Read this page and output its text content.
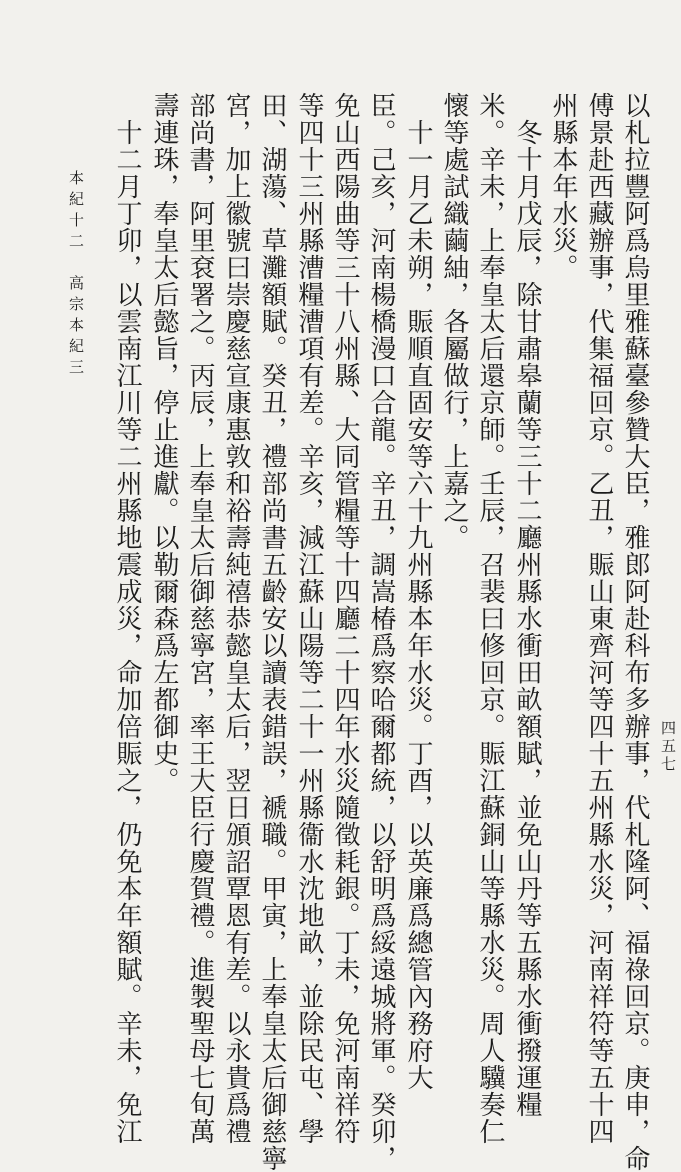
以札拉豐阿爲烏里雅蘇臺參贊大臣，雅郎阿赴科布多辦事，代札隆阿、福祿回京。庚申，命
傅景赴西藏辦事，代集福回京。乙丑，賑山東齊河等四十五州縣水災，河南祥符等五十四
州縣本年水災。
　冬十月戊辰，除甘肅皋蘭等三十二廳州縣水衝田畝額賦，並免山丹等五縣水衝撥運糧
米。辛未，上奉皇太后還京師。壬辰，召裴曰修回京。賑江蘇銅山等縣水災。周人驥奏仁
懷等處試織繭紬，各屬做行，上嘉之。
　十一月乙未朔，賑順直固安等六十九州縣本年水災。丁酉，以英廉爲總管內務府大
臣。己亥，河南楊橋漫口合龍。辛丑，調嵩椿爲察哈爾都統，以舒明爲綏遠城將軍。癸卯，
免山西陽曲等三十八州縣、大同管糧等十四廳二十四年水災隨徵耗銀。丁未，免河南祥符
等四十三州縣漕糧漕項有差。辛亥，減江蘇山陽等二十一州縣衞水沈地畝，並除民屯、學
田、湖蕩、草灘額賦。癸丑，禮部尚書五齡安以讀表錯誤，褫職。甲寅，上奉皇太后御慈寧
宮，加上徽號曰崇慶慈宣康惠敦和裕壽純禧恭懿皇太后，翌日頒詔覃恩有差。以永貴爲禮
部尚書，阿里袞署之。丙辰，上奉皇太后御慈寧宮，率王大臣行慶賀禮。進製聖母七旬萬
壽連珠，奉皇太后懿旨，停止進獻。以勒爾森爲左都御史。
　十二月丁卯，以雲南江川等二州縣地震成災，命加倍賑之，仍免本年額賦。辛未，免江
本紀十二　高宗本紀三
四五七
